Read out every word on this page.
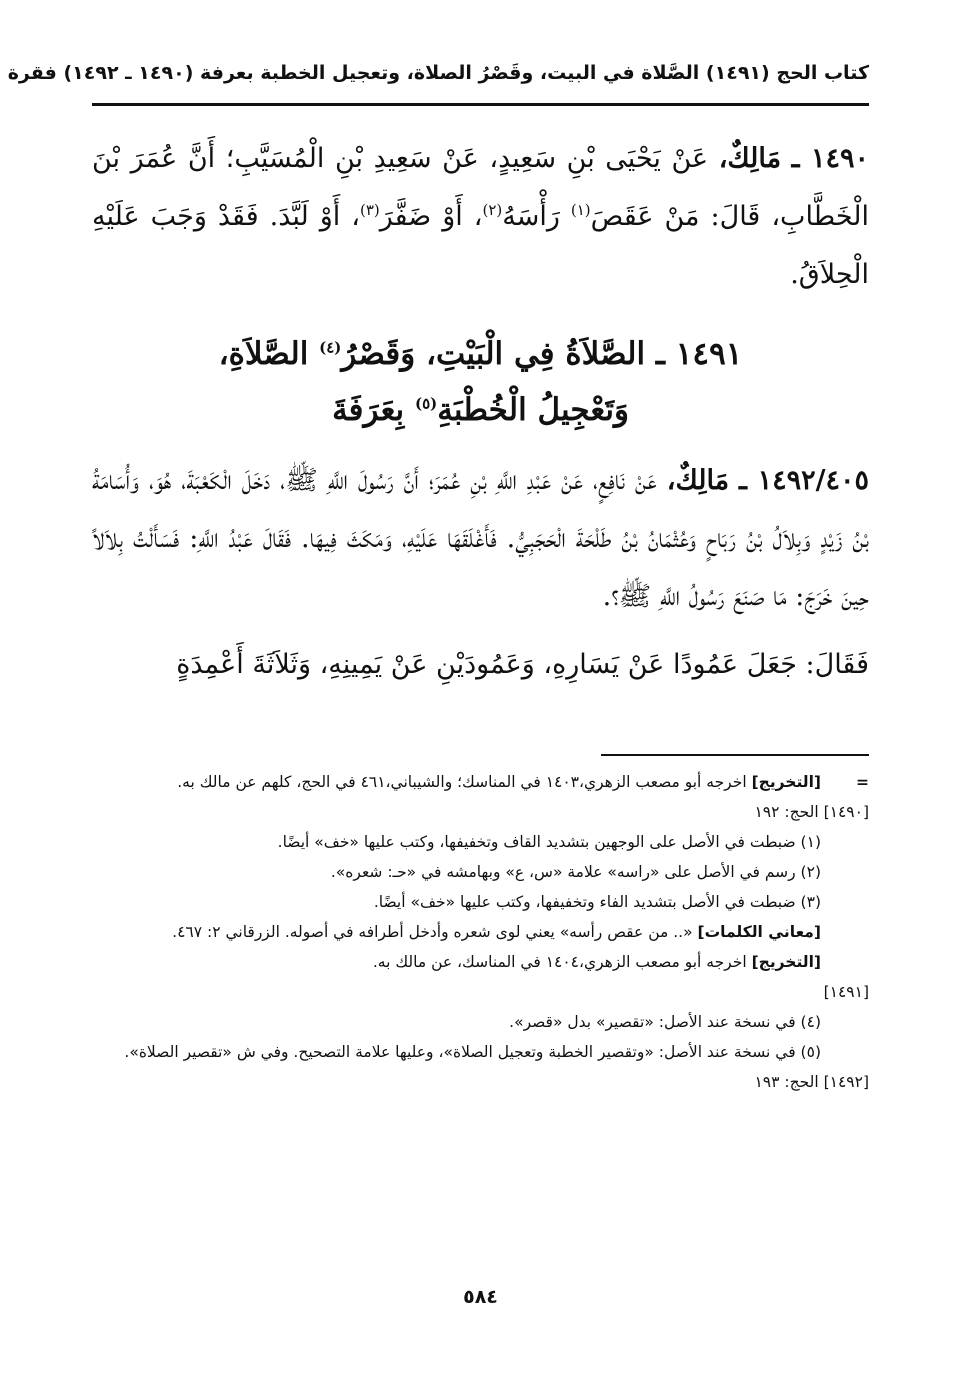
كتاب الحج (١٤٩١) الصَّلاة في البيت، وقَصْرُ الصلاة، وتعجيل الخطبة بعرفة (١٤٩٠ ـ ١٤٩٢) فقرة

١٤٩٠ ـ مَالِكٌ، عَنْ يَحْيَى بْنِ سَعِيدٍ، عَنْ سَعِيدِ بْنِ الْمُسَيَّبِ؛ أَنَّ عُمَرَ بْنَ الْخَطَّابِ، قَالَ: مَنْ عَقَصَ$^{(١)}$ رَأْسَهُ$^{(٢)}$، أَوْ ضَفَّرَ$^{(٣)}$، أَوْ لَبَّدَ. فَقَدْ وَجَبَ عَلَيْهِ الْحِلاَقُ.

١٤٩١ ـ الصَّلاَةُ فِي الْبَيْتِ، وَقَصْرُ$^{(٤)}$ الصَّلاَةِ،
وَتَعْجِيلُ الْخُطْبَةِ$^{(٥)}$ بِعَرَفَةَ

١٤٩٢/٤٠٥ ـ مَالِكٌ، عَنْ نَافِعٍ، عَنْ عَبْدِ اللَّهِ بْنِ عُمَرَ؛ أَنَّ رَسُولَ اللَّهِ ﷺ، دَخَلَ الْكَعْبَةَ، هُوَ، وَأُسَامَةُ بْنُ زَيْدٍ وَبِلاَلُ بْنُ رَبَاحٍ وَعُثْمَانُ بْنُ طَلْحَةَ الْحَجَبِيُّ. فَأَغْلَقَهَا عَلَيْهِ، وَمَكَثَ فِيهَا. فَقَالَ عَبْدُ اللَّهِ: فَسَأَلْتُ بِلاَلاً حِينَ خَرَجَ: مَا صَنَعَ رَسُولُ اللَّهِ ﷺ؟.

فَقَالَ: جَعَلَ عَمُودًا عَنْ يَسَارِهِ، وَعَمُودَيْنِ عَنْ يَمِينِهِ، وَثَلاَثَةَ أَعْمِدَةٍ

=
[التخريج] اخرجه أبو مصعب الزهري،١٤٠٣ في المناسك؛ والشيباني،٤٦١ في الحج، كلهم عن مالك به.

[١٤٩٠] الحج: ١٩٢

(١) ضبطت في الأصل على الوجهين بتشديد القاف وتخفيفها، وكتب عليها «خف» أيضًا.

(٢) رسم في الأصل على «راسه» علامة «س، ع» وبهامشه في «حـ: شعره».

(٣) ضبطت في الأصل بتشديد الفاء وتخفيفها، وكتب عليها «خف» أيضًا.

[معاني الكلمات] «.. من عقص رأسه» يعني لوى شعره وأدخل أطرافه في أصوله. الزرقاني ٢: ٤٦٧.

[التخريج] اخرجه أبو مصعب الزهري،١٤٠٤ في المناسك، عن مالك به.

[١٤٩١]

(٤) في نسخة عند الأصل: «تقصير» بدل «قصر».

(٥) في نسخة عند الأصل: «وتقصير الخطبة وتعجيل الصلاة»، وعليها علامة التصحيح. وفي ش «تقصير الصلاة».

[١٤٩٢] الحج: ١٩٣

٥٨٤
